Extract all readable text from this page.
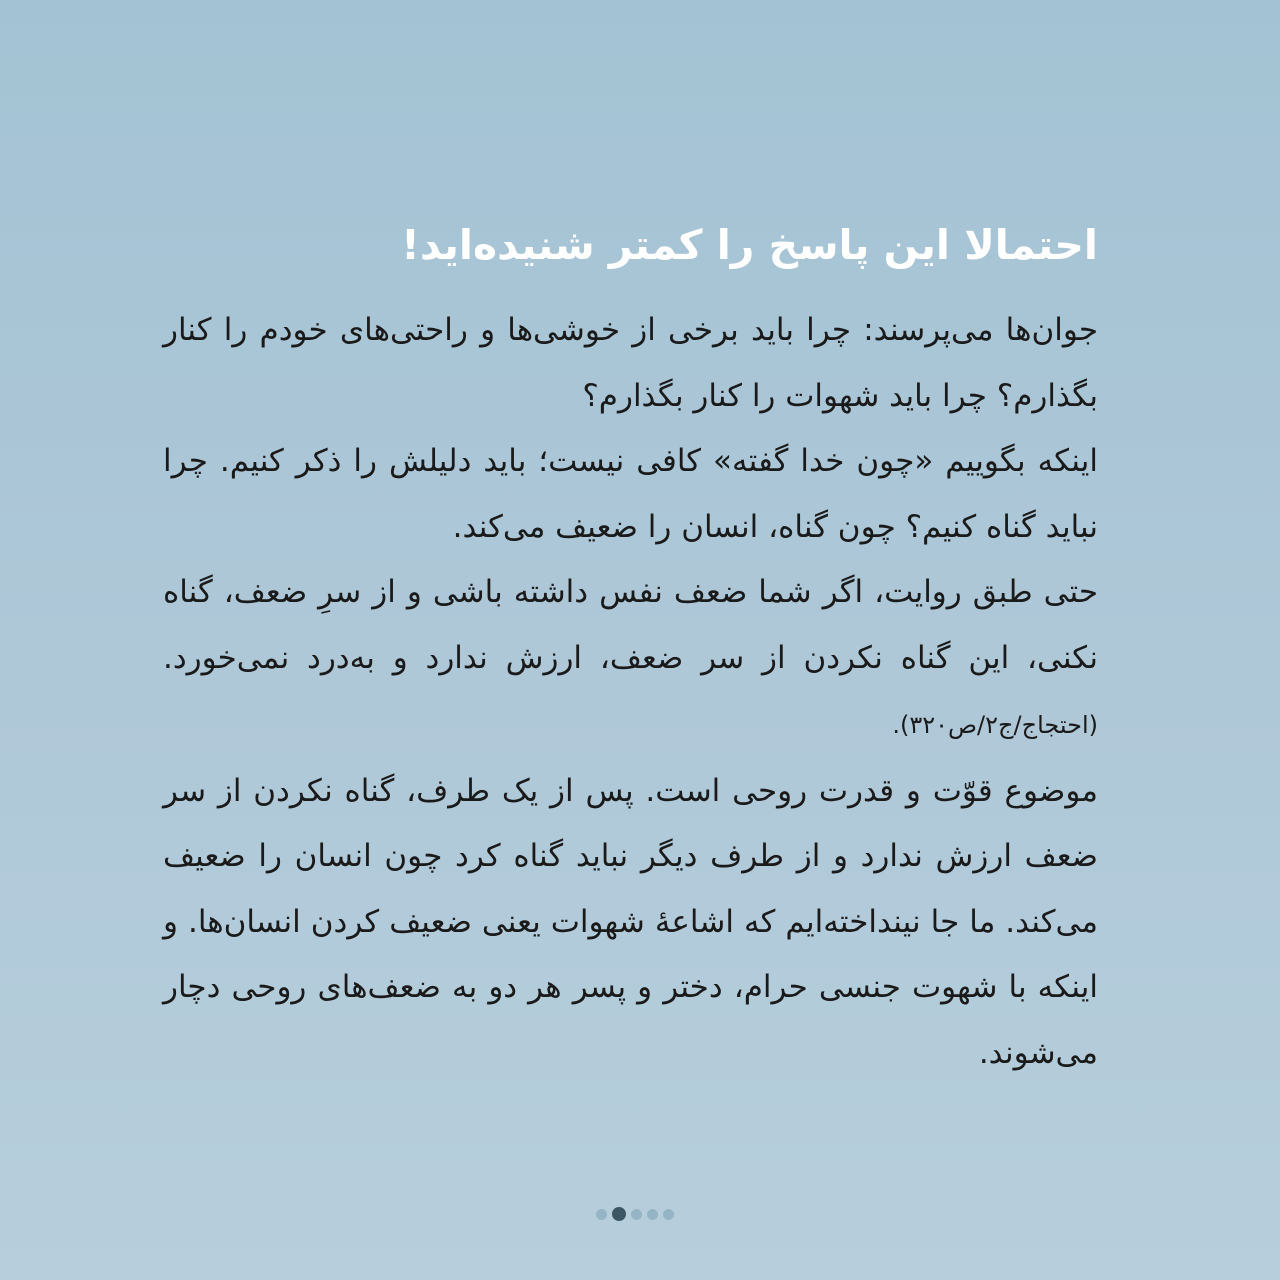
احتمالا این پاسخ را کمتر شنیده‌اید!
جوان‌ها می‌پرسند: چرا باید برخی از خوشی‌ها و راحتی‌های خودم را کنار بگذارم؟ چرا باید شهوات را کنار بگذارم؟
اینکه بگوییم «چون خدا گفته» کافی نیست؛ باید دلیلش را ذکر کنیم. چرا نباید گناه کنیم؟ چون گناه، انسان را ضعیف می‌کند.
حتی طبق روایت، اگر شما ضعف نفس داشته باشی و از سرِ ضعف، گناه نکنی، این گناه نکردن از سر ضعف، ارزش ندارد و به‌درد نمی‌خورد. (احتجاج/ج۲/ص۳۲۰).
موضوع قوّت و قدرت روحی است. پس از یک طرف، گناه نکردن از سر ضعف ارزش ندارد و از طرف دیگر نباید گناه کرد چون انسان را ضعیف می‌کند. ما جا نینداخته‌ایم که اشاعۀ شهوات یعنی ضعیف کردن انسان‌ها. و اینکه با شهوت جنسی حرام، دختر و پسر هر دو به ضعف‌های روحی دچار می‌شوند.
